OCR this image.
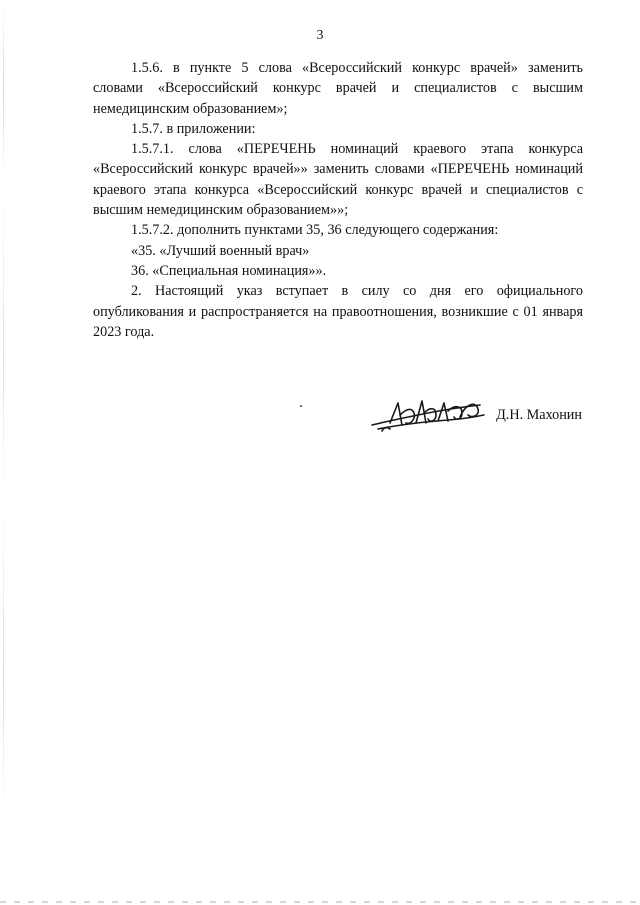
3

1.5.6. в пункте 5 слова «Всероссийский конкурс врачей» заменить словами «Всероссийский конкурс врачей и специалистов с высшим немедицинским образованием»;

1.5.7. в приложении:

1.5.7.1. слова «ПЕРЕЧЕНЬ номинаций краевого этапа конкурса «Всероссийский конкурс врачей»» заменить словами «ПЕРЕЧЕНЬ номинаций краевого этапа конкурса «Всероссийский конкурс врачей и специалистов с высшим немедицинским образованием»»;

1.5.7.2. дополнить пунктами 35, 36 следующего содержания:

«35. «Лучший военный врач»

36. «Специальная номинация»».

2. Настоящий указ вступает в силу со дня его официального опубликования и распространяется на правоотношения, возникшие с 01 января 2023 года.

Д.Н. Махонин
